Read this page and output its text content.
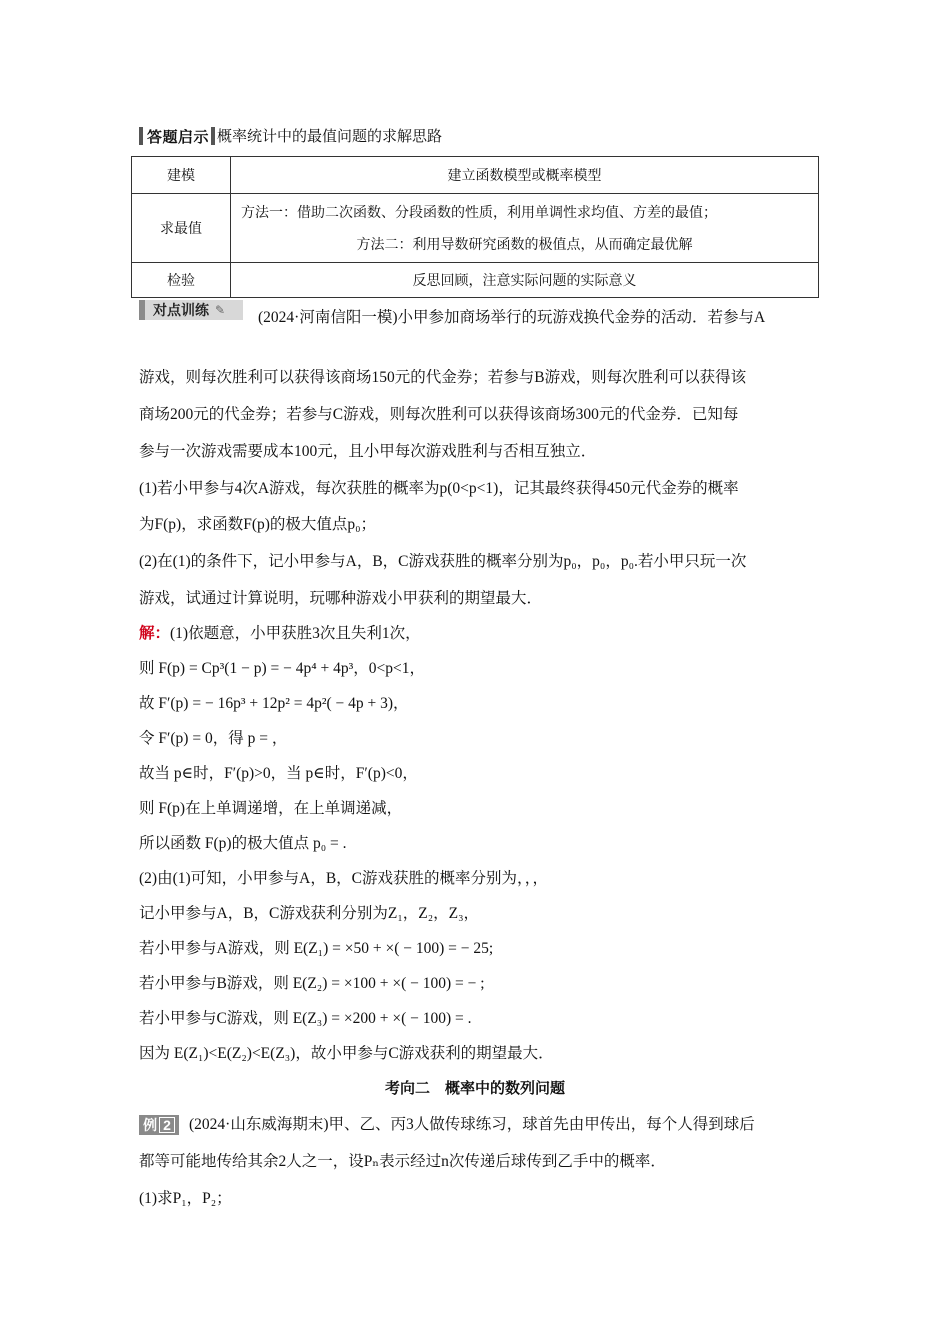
答题启示 概率统计中的最值问题的求解思路
建模	建立函数模型或概率模型
求最值	方法一：借助二次函数、分段函数的性质，利用单调性求均值、方差的最值；
方法二：利用导数研究函数的极值点，从而确定最优解

检验	反思回顾，注意实际问题的实际意义
对点训练 ✎ (2024·河南信阳一模)小甲参加商场举行的玩游戏换代金券的活动．若参与A
游戏，则每次胜利可以获得该商场150元的代金券；若参与B游戏，则每次胜利可以获得该
商场200元的代金券；若参与C游戏，则每次胜利可以获得该商场300元的代金券．已知每
参与一次游戏需要成本100元，且小甲每次游戏胜利与否相互独立．
(1)若小甲参与4次A游戏，每次获胜的概率为p(0<p<1)，记其最终获得450元代金券的概率
为F(p)，求函数F(p)的极大值点p₀；
(2)在(1)的条件下，记小甲参与A，B，C游戏获胜的概率分别为p₀，p₀，p₀.若小甲只玩一次
游戏，试通过计算说明，玩哪种游戏小甲获利的期望最大．
解：(1)依题意，小甲获胜3次且失利1次，
则 F(p) = Cp³(1 − p) = − 4p⁴ + 4p³，0<p<1，
故 F′(p) = − 16p³ + 12p² = 4p²( − 4p + 3)，
令 F′(p) = 0，得 p = ，
故当 p∈时，F′(p)>0，当 p∈时，F′(p)<0，
则 F(p)在上单调递增，在上单调递减，
所以函数 F(p)的极大值点 p₀ = .
(2)由(1)可知，小甲参与A，B，C游戏获胜的概率分别为，，，
记小甲参与A，B，C游戏获利分别为Z₁，Z₂，Z₃，
若小甲参与A游戏，则 E(Z₁) = ×50 + ×( − 100) = − 25;
若小甲参与B游戏，则 E(Z₂) = ×100 + ×( − 100) = − ;
若小甲参与C游戏，则 E(Z₃) = ×200 + ×( − 100) = .
因为 E(Z₁)<E(Z₂)<E(Z₃)，故小甲参与C游戏获利的期望最大．
考向二　概率中的数列问题
例 2 (2024·山东威海期末)甲、乙、丙3人做传球练习，球首先由甲传出，每个人得到球后
都等可能地传给其余2人之一，设Pₙ表示经过n次传递后球传到乙手中的概率．
(1)求P₁，P₂；
